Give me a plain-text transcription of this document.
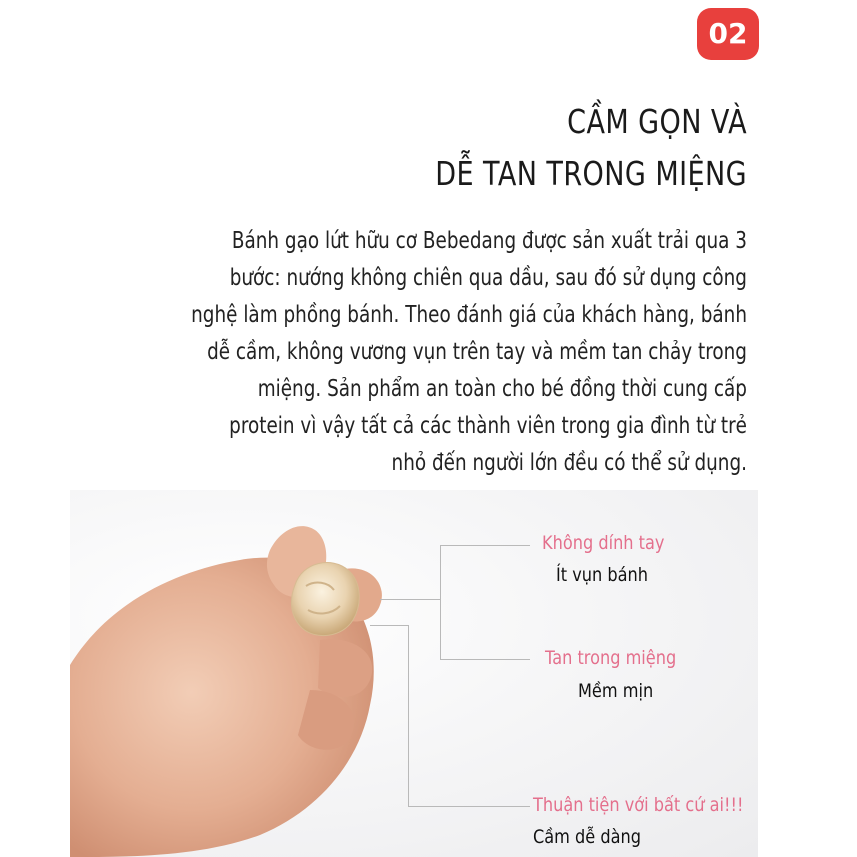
02
CẦM GỌN VÀ
DỄ TAN TRONG MIỆNG
Bánh gạo lứt hữu cơ Bebedang được sản xuất trải qua 3
bước: nướng không chiên qua dầu, sau đó sử dụng công
nghệ làm phồng bánh. Theo đánh giá của khách hàng, bánh
dễ cầm, không vương vụn trên tay và mềm tan chảy trong
miệng. Sản phẩm an toàn cho bé đồng thời cung cấp
protein vì vậy tất cả các thành viên trong gia đình từ trẻ
nhỏ đến người lớn đều có thể sử dụng.
Không dính tay
Ít vụn bánh
Tan trong miệng
Mềm mịn
Thuận tiện với bất cứ ai!!!
Cầm dễ dàng
